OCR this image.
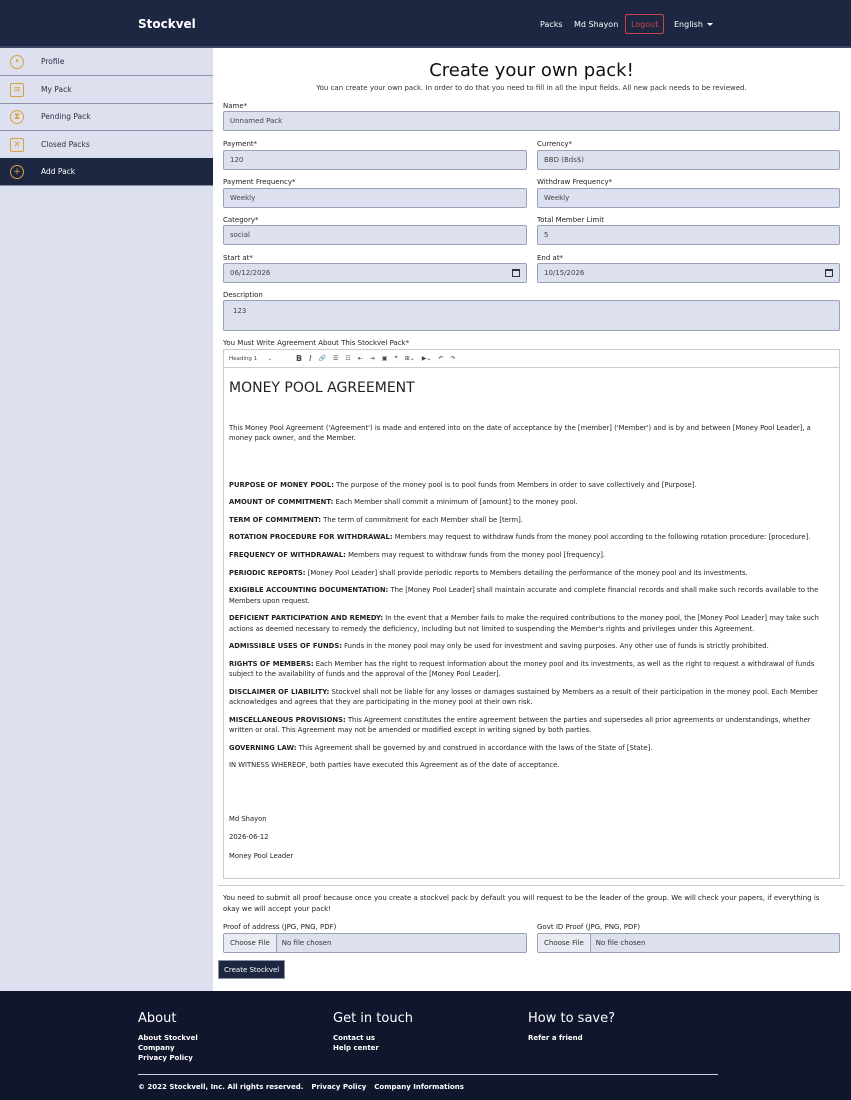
Stockvel	Packs Md Shayon	Logout	English
•	Profile
≡	My Pack
⧗	Pending Pack
✕	Closed Packs
+	Add Pack
Create your own pack!
You can create your own pack. In order to do that you need to fill in all the input fields. All new pack needs to be reviewed.
Name*
Unnamed Pack
Payment*
120
Currency*
BBD (Bds$)
Payment Frequency*
Weekly
Withdraw Frequency*
Weekly
Category*
social
Total Member Limit
5
Start at*
06/12/2026
End at*
10/15/2026
Description
123
You Must Write Agreement About This Stockvel Pack*
Heading 1 ⌄	B I 🔗 ☰ ☷ ⇤ ⇥ ▣ ❝ ⊞⌄ ▶⌄ ↶ ↷
MONEY POOL AGREEMENT
This Money Pool Agreement ('Agreement') is made and entered into on the date of acceptance by the [member] ('Member') and is by and between [Money Pool Leader], a money pack owner, and the Member.
PURPOSE OF MONEY POOL: The purpose of the money pool is to pool funds from Members in order to save collectively and [Purpose].
AMOUNT OF COMMITMENT: Each Member shall commit a minimum of [amount] to the money pool.
TERM OF COMMITMENT: The term of commitment for each Member shall be [term].
ROTATION PROCEDURE FOR WITHDRAWAL: Members may request to withdraw funds from the money pool according to the following rotation procedure: [procedure].
FREQUENCY OF WITHDRAWAL: Members may request to withdraw funds from the money pool [frequency].
PERIODIC REPORTS: [Money Pool Leader] shall provide periodic reports to Members detailing the performance of the money pool and its investments.
EXIGIBLE ACCOUNTING DOCUMENTATION: The [Money Pool Leader] shall maintain accurate and complete financial records and shall make such records available to the Members upon request.
DEFICIENT PARTICIPATION AND REMEDY: In the event that a Member fails to make the required contributions to the money pool, the [Money Pool Leader] may take such actions as deemed necessary to remedy the deficiency, including but not limited to suspending the Member's rights and privileges under this Agreement.
ADMISSIBLE USES OF FUNDS: Funds in the money pool may only be used for investment and saving purposes. Any other use of funds is strictly prohibited.
RIGHTS OF MEMBERS: Each Member has the right to request information about the money pool and its investments, as well as the right to request a withdrawal of funds subject to the availability of funds and the approval of the [Money Pool Leader].
DISCLAIMER OF LIABILITY: Stockvel shall not be liable for any losses or damages sustained by Members as a result of their participation in the money pool. Each Member acknowledges and agrees that they are participating in the money pool at their own risk.
MISCELLANEOUS PROVISIONS: This Agreement constitutes the entire agreement between the parties and supersedes all prior agreements or understandings, whether written or oral. This Agreement may not be amended or modified except in writing signed by both parties.
GOVERNING LAW: This Agreement shall be governed by and construed in accordance with the laws of the State of [State].
IN WITNESS WHEREOF, both parties have executed this Agreement as of the date of acceptance.
Md Shayon
2026-06-12
Money Pool Leader
You need to submit all proof because once you create a stockvel pack by default you will request to be the leader of the group. We will check your papers, if everything is okay we will accept your pack!
Proof of address (JPG, PNG, PDF)
Choose File	No file chosen
Govt ID Proof (JPG, PNG, PDF)
Choose File	No file chosen
Create Stockvel
About
About Stockvel
Company
Privacy Policy
Get in touch
Contact us
Help center
How to save?
Refer a friend
© 2022 Stockvell, Inc. All rights reserved. Privacy Policy Company Informations
